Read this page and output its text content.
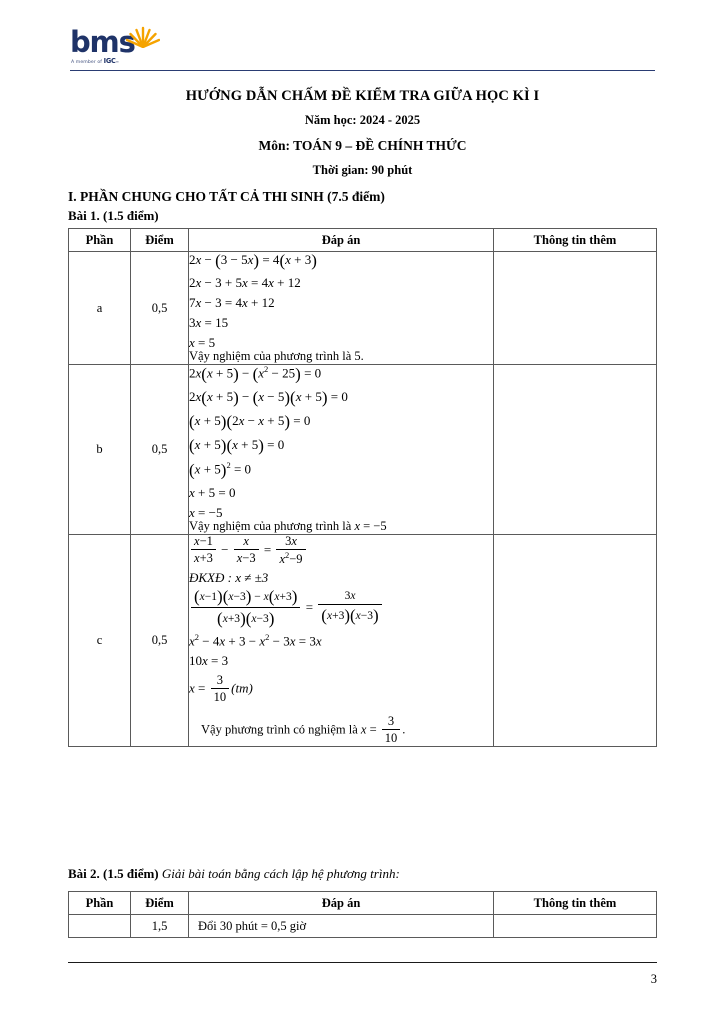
bms
A member of IGC≡
HƯỚNG DẪN CHẤM ĐỀ KIỂM TRA GIỮA HỌC KÌ I
Năm học: 2024 - 2025
Môn: TOÁN 9 – ĐỀ CHÍNH THỨC
Thời gian: 90 phút
I. PHẦN CHUNG CHO TẤT CẢ THI SINH (7.5 điểm)
Bài 1. (1.5 điểm)
Phần	Điểm	Đáp án	Thông tin thêm
a	0,5	
2x − (3 − 5x) = 4(x + 3)
2x − 3 + 5x = 4x + 12
7x − 3 = 4x + 12
3x = 15
x = 5
Vậy nghiệm của phương trình là 5.

b	0,5	
$2x(x + 5) - (x^2 - 25) = 0$
2x(x + 5) − (x − 5)(x + 5) = 0
(x + 5)(2x − x + 5) = 0
(x + 5)(x + 5) = 0
$(x + 5)^2 = 0$
x + 5 = 0
x = −5
Vậy nghiệm của phương trình là x = −5

c	0,5	
$\frac{x-1}{x+3} - \frac{x}{x-3} = \frac{3x}{x^2-9}$
ĐKXĐ : x ≠ ±3
$\frac{(x-1)(x-3) - x(x+3)}{(x+3)(x-3)} = \frac{3x}{(x+3)(x-3)}$
$x^2 - 4x + 3 - x^2 - 3x = 3x$
10x = 3
$x = \frac{3}{10} (tm)$
Vậy phương trình có nghiệm là $x = \frac{3}{10}$ .

Bài 2. (1.5 điểm) Giải bài toán bằng cách lập hệ phương trình:
Phần	Điểm	Đáp án	Thông tin thêm
	1,5	Đổi 30 phút = 0,5 giờ	
3
